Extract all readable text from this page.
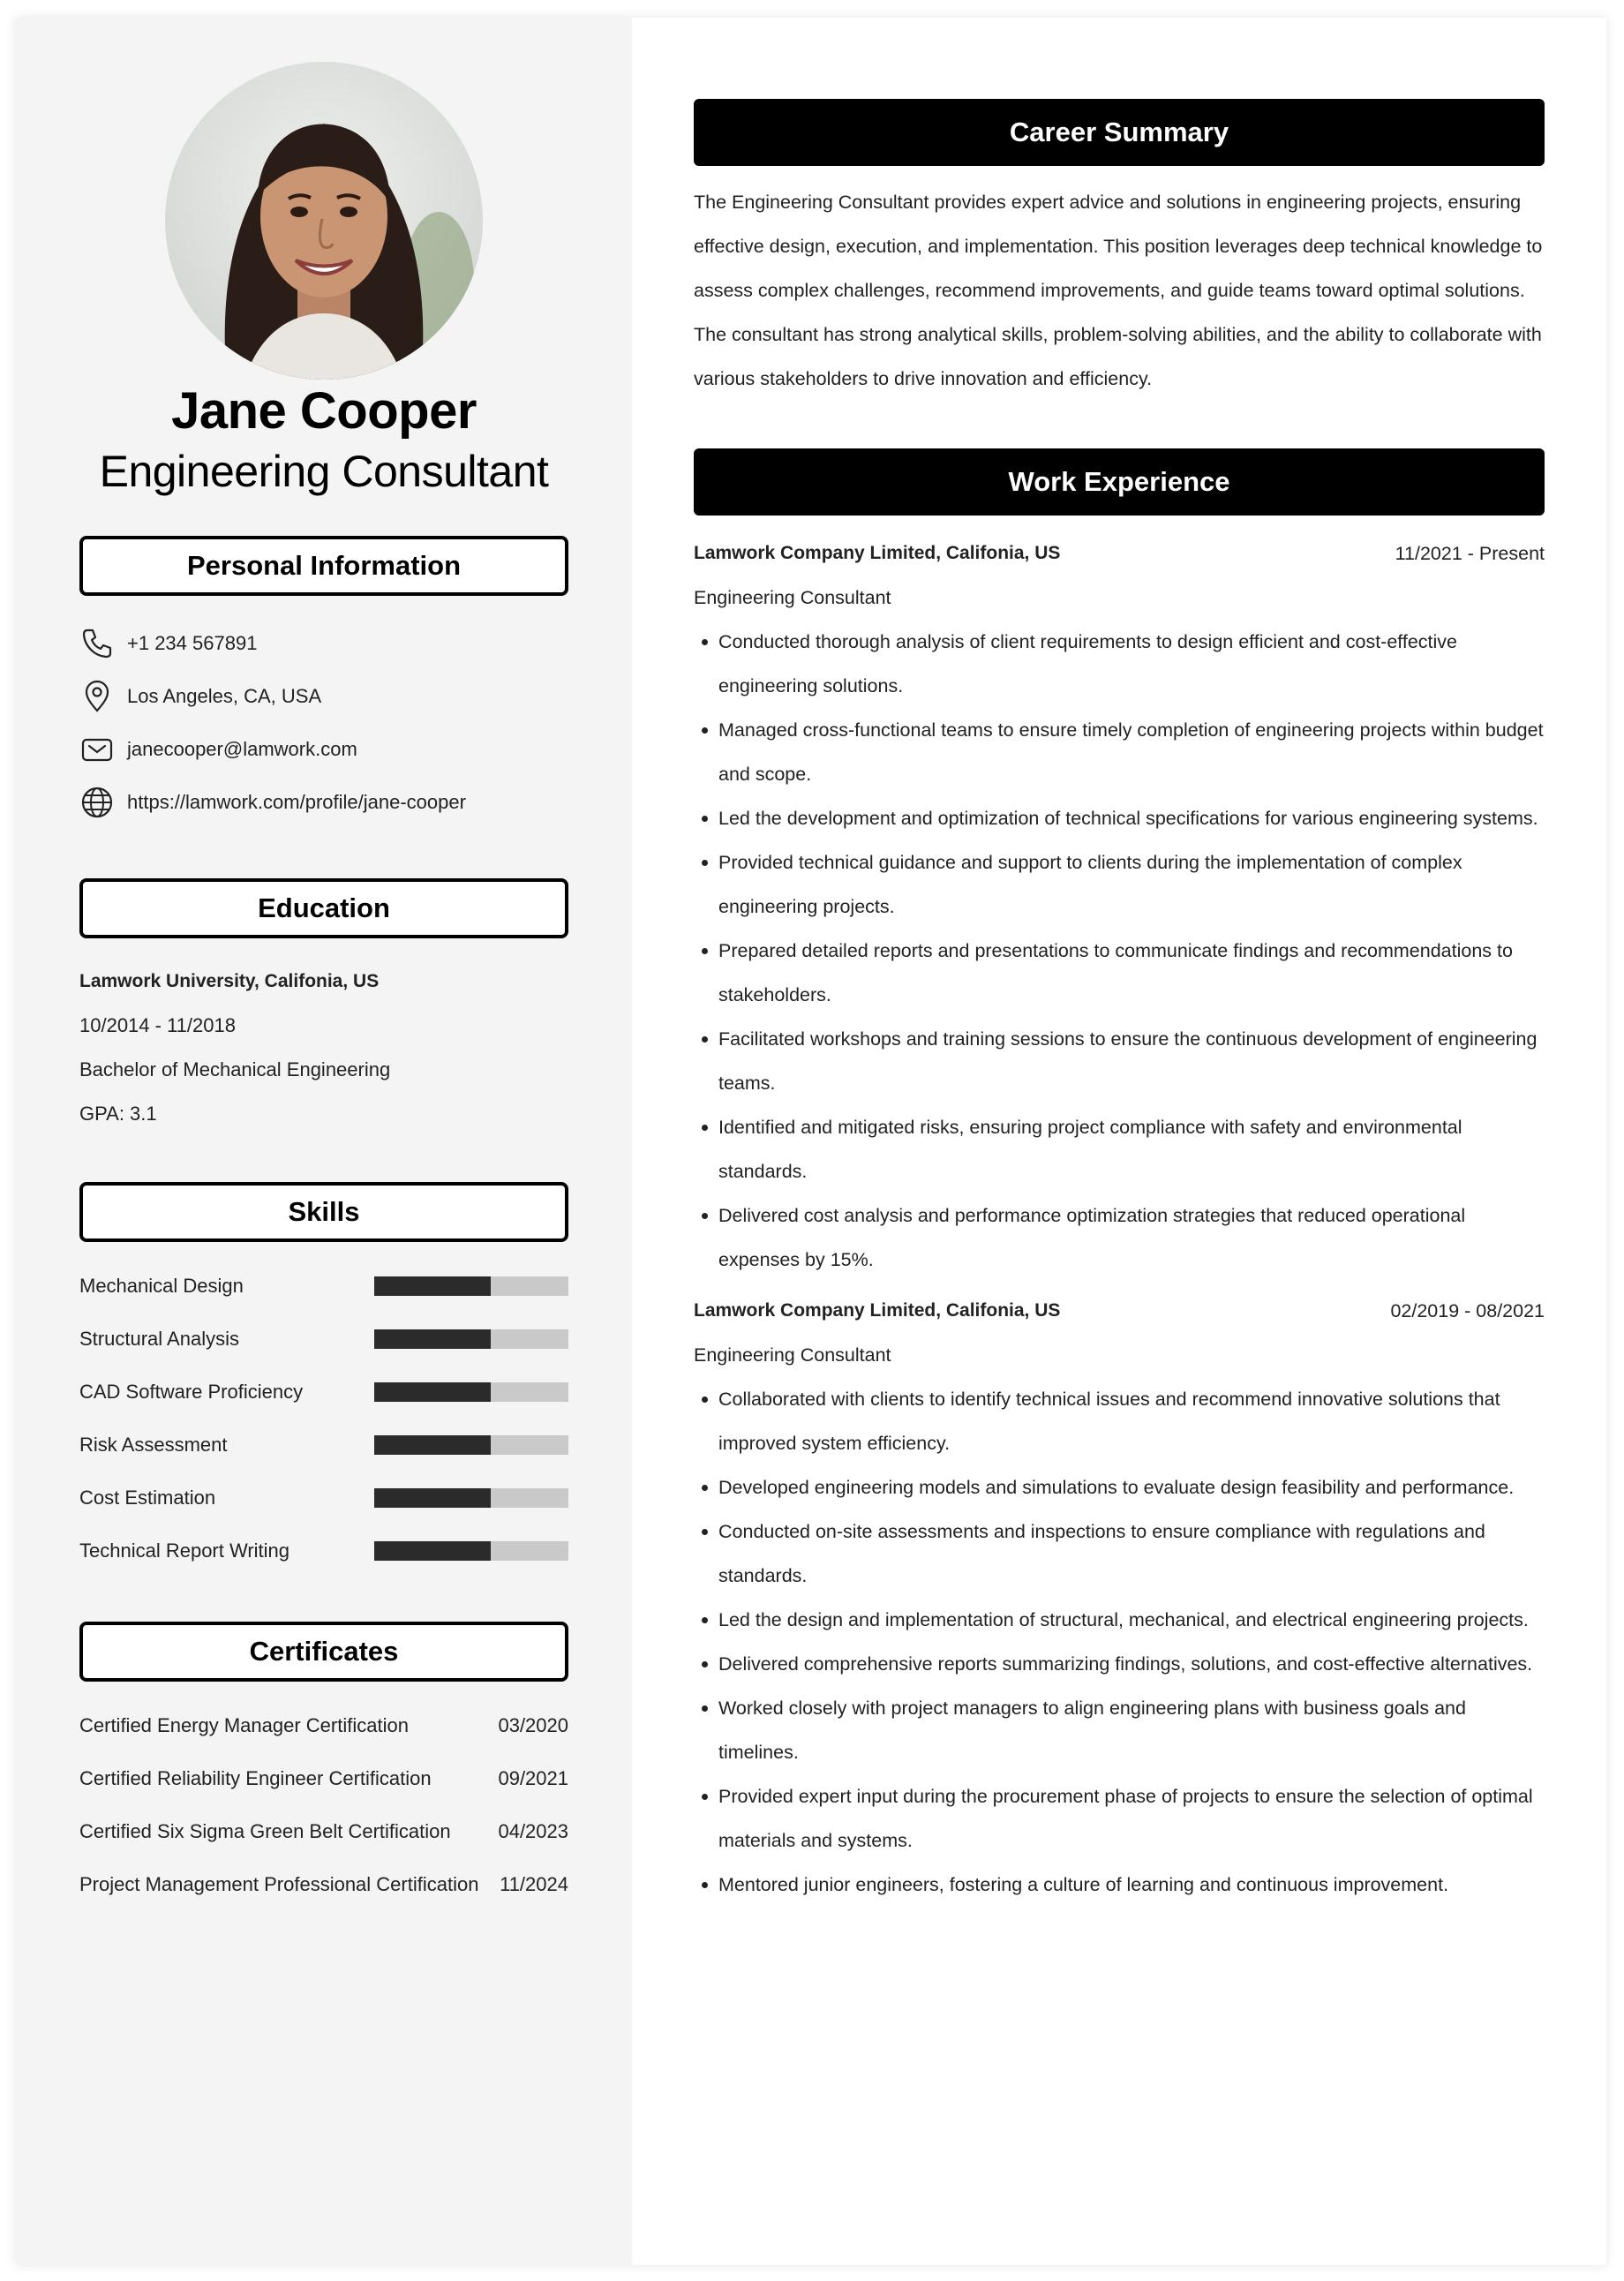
Jane Cooper
Engineering Consultant
Personal Information
+1 234 567891
Los Angeles, CA, USA
janecooper@lamwork.com
https://lamwork.com/profile/jane-cooper
Education
Lamwork University, Califonia, US
10/2014 - 11/2018
Bachelor of Mechanical Engineering
GPA: 3.1
Skills
Mechanical Design
Structural Analysis
CAD Software Proficiency
Risk Assessment
Cost Estimation
Technical Report Writing
Certificates
Certified Energy Manager Certification	03/2020
Certified Reliability Engineer Certification	09/2021
Certified Six Sigma Green Belt Certification 04/2023
Project Management Professional Certification 11/2024
Career Summary
The Engineering Consultant provides expert advice and solutions in engineering projects, ensuring effective design, execution, and implementation. This position leverages deep technical knowledge to assess complex challenges, recommend improvements, and guide teams toward optimal solutions. The consultant has strong analytical skills, problem-solving abilities, and the ability to collaborate with various stakeholders to drive innovation and efficiency.
Work Experience
Lamwork Company Limited, Califonia, US	11/2021 - Present
Engineering Consultant
Conducted thorough analysis of client requirements to design efficient and cost-effective engineering solutions.
Managed cross-functional teams to ensure timely completion of engineering projects within budget and scope.
Led the development and optimization of technical specifications for various engineering systems.
Provided technical guidance and support to clients during the implementation of complex engineering projects.
Prepared detailed reports and presentations to communicate findings and recommendations to stakeholders.
Facilitated workshops and training sessions to ensure the continuous development of engineering teams.
Identified and mitigated risks, ensuring project compliance with safety and environmental standards.
Delivered cost analysis and performance optimization strategies that reduced operational expenses by 15%.
Lamwork Company Limited, Califonia, US	02/2019 - 08/2021
Engineering Consultant
Collaborated with clients to identify technical issues and recommend innovative solutions that improved system efficiency.
Developed engineering models and simulations to evaluate design feasibility and performance.
Conducted on-site assessments and inspections to ensure compliance with regulations and standards.
Led the design and implementation of structural, mechanical, and electrical engineering projects.
Delivered comprehensive reports summarizing findings, solutions, and cost-effective alternatives.
Worked closely with project managers to align engineering plans with business goals and timelines.
Provided expert input during the procurement phase of projects to ensure the selection of optimal materials and systems.
Mentored junior engineers, fostering a culture of learning and continuous improvement.
